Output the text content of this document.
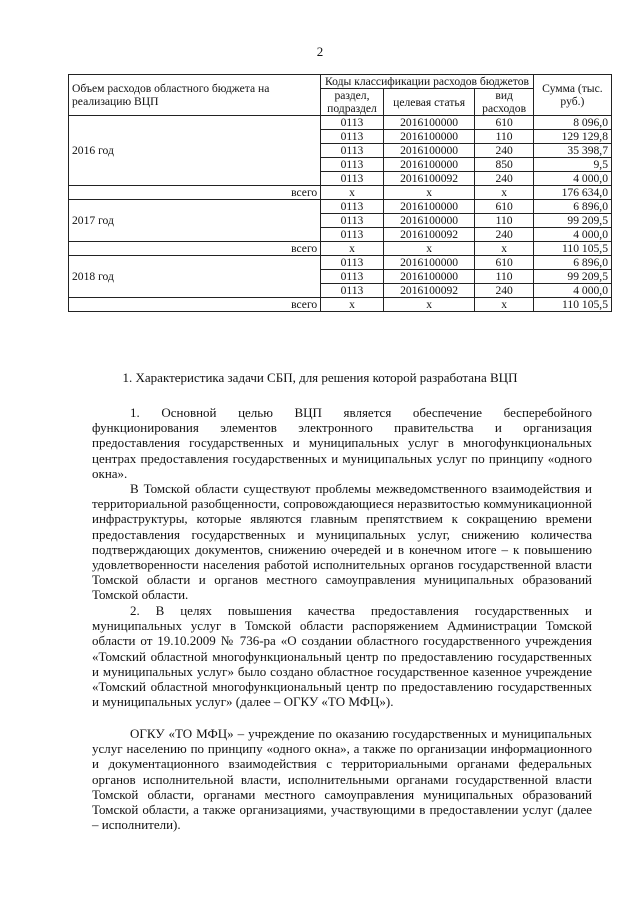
2
Объем расходов областного бюджета на реализацию ВЦП	Коды классификации расходов бюджетов			Сумма (тыс. руб.)
	раздел, подраздел	целевая статья	вид расходов	
2016 год	0113	2016100000	610	8 096,0
	0113	2016100000	110	129 129,8
	0113	2016100000	240	35 398,7
	0113	2016100000	850	9,5
	0113	2016100092	240	4 000,0
всего	х	х	х	176 634,0
2017 год	0113	2016100000	610	6 896,0
	0113	2016100000	110	99 209,5
	0113	2016100092	240	4 000,0
всего	х	х	х	110 105,5
2018 год	0113	2016100000	610	6 896,0
	0113	2016100000	110	99 209,5
	0113	2016100092	240	4 000,0
всего	х	х	х	110 105,5
1. Характеристика задачи СБП, для решения которой разработана ВЦП

1. Основной целью ВЦП является обеспечение бесперебойного функционирования элементов электронного правительства и организация предоставления государственных и муниципальных услуг в многофункциональных центрах предоставления государственных и муниципальных услуг по принципу «одного окна».

В Томской области существуют проблемы межведомственного взаимодействия и территориальной разобщенности, сопровождающиеся неразвитостью коммуникационной инфраструктуры, которые являются главным препятствием к сокращению времени предоставления государственных и муниципальных услуг, снижению количества подтверждающих документов, снижению очередей и в конечном итоге – к повышению удовлетворенности населения работой исполнительных органов государственной власти Томской области и органов местного самоуправления муниципальных образований Томской области.

2. В целях повышения качества предоставления государственных и муниципальных услуг в Томской области распоряжением Администрации Томской области от 19.10.2009 № 736-ра «О создании областного государственного учреждения «Томский областной многофункциональный центр по предоставлению государственных и муниципальных услуг» было создано областное государственное казенное учреждение «Томский областной многофункциональный центр по предоставлению государственных и муниципальных услуг» (далее – ОГКУ «ТО МФЦ»).

ОГКУ «ТО МФЦ» – учреждение по оказанию государственных и муниципальных услуг населению по принципу «одного окна», а также по организации информационного и документационного взаимодействия с территориальными органами федеральных органов исполнительной власти, исполнительными органами государственной власти Томской области, органами местного самоуправления муниципальных образований Томской области, а также организациями, участвующими в предоставлении услуг (далее – исполнители).
